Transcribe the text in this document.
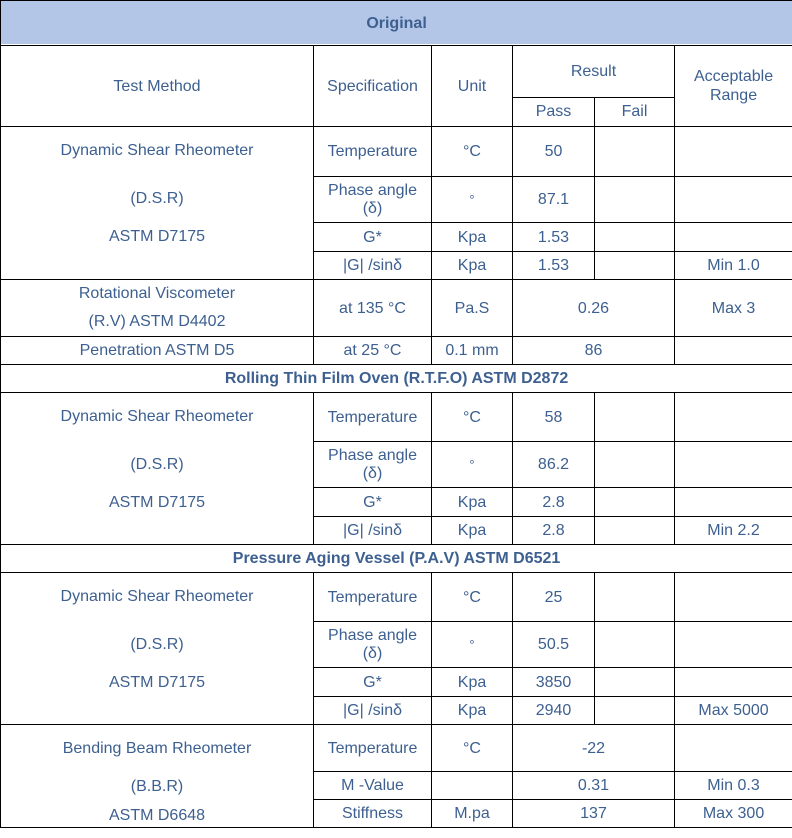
Original					
Test Method	Specification	Unit	Result		Acceptable Range
			Pass	Fail	

Dynamic Shear Rheometer
(D.S.R)
ASTM D7175	Temperature	°C	50		
	Phase angle (δ)	°	87.1		
	G*	Kpa	1.53		
	|G| /sinδ	Kpa	1.53		Min 1.0

Rotational Viscometer
(R.V) ASTM D4402	at 135 °C	Pa.S	0.26		Max 3
Penetration ASTM D5	at 25 °C	0.1 mm	86		
Rolling Thin Film Oven (R.T.F.O) ASTM D2872					

Dynamic Shear Rheometer
(D.S.R)
ASTM D7175	Temperature	°C	58		
	Phase angle (δ)	°	86.2		
	G*	Kpa	2.8		
	|G| /sinδ	Kpa	2.8		Min 2.2
Pressure Aging Vessel (P.A.V) ASTM D6521					

Dynamic Shear Rheometer
(D.S.R)
ASTM D7175	Temperature	°C	25		
	Phase angle (δ)	°	50.5		
	G*	Kpa	3850		
	|G| /sinδ	Kpa	2940		Max 5000

Bending Beam Rheometer
(B.B.R)
ASTM D6648	Temperature	°C	-22		
	M -Value		0.31		Min 0.3
	Stiffness	M.pa	137		Max 300
